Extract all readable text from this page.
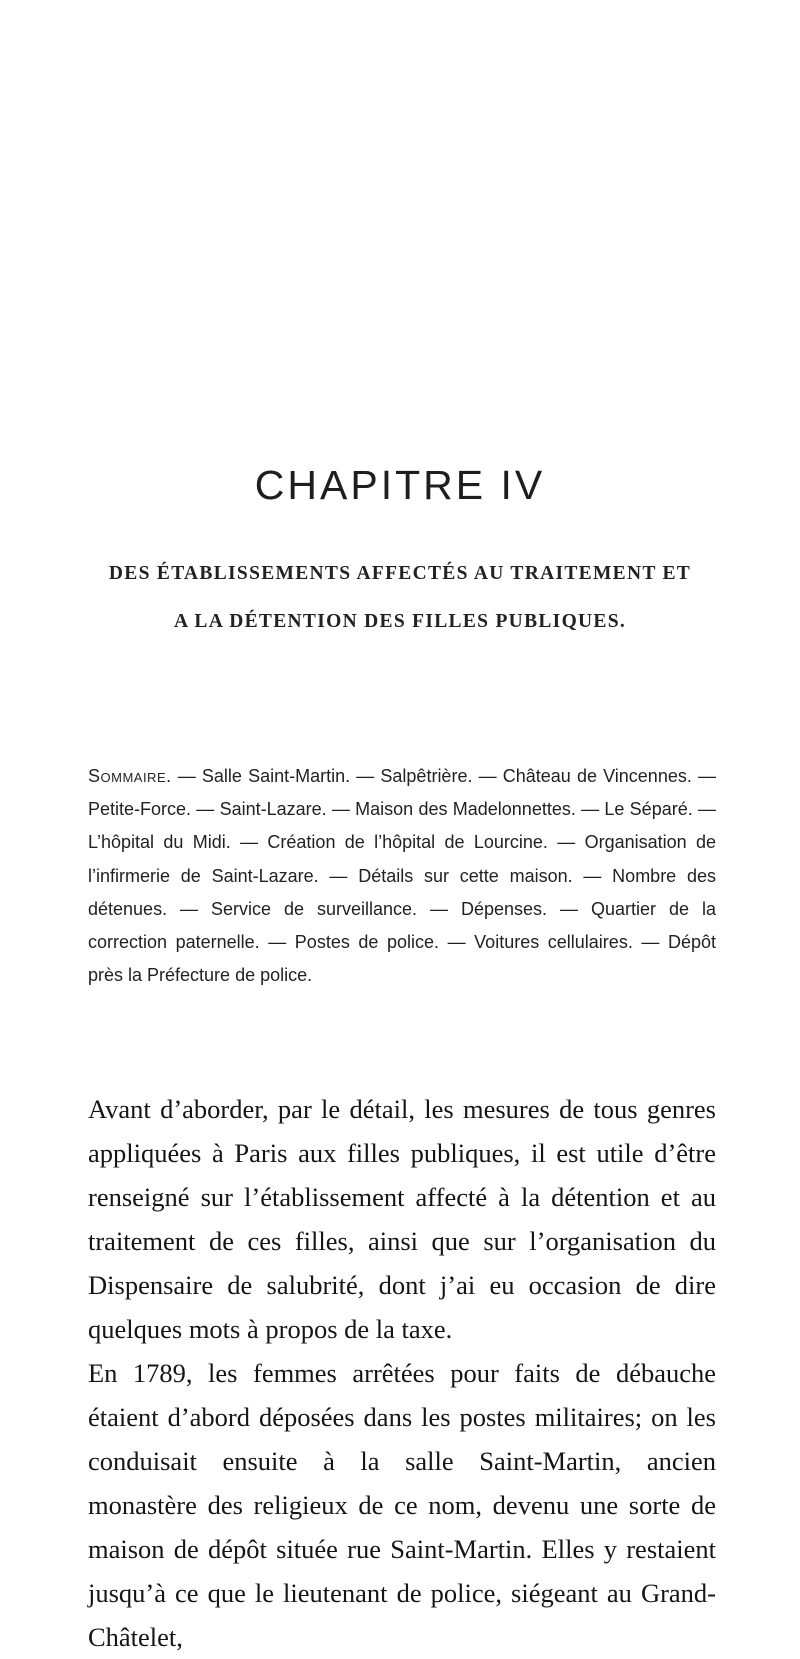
CHAPITRE IV
DES ÉTABLISSEMENTS AFFECTÉS AU TRAITEMENT ET A LA DÉTENTION DES FILLES PUBLIQUES.

Sommaire. — Salle Saint-Martin. — Salpêtrière. — Château de Vincennes. — Petite-Force. — Saint-Lazare. — Maison des Madelonnettes. — Le Séparé. — L’hôpital du Midi. — Création de l’hôpital de Lourcine. — Organisation de l’infirmerie de Saint-Lazare. — Détails sur cette maison. — Nombre des détenues. — Service de surveillance. — Dépenses. — Quartier de la correction paternelle. — Postes de police. — Voitures cellulaires. — Dépôt près la Préfecture de police.

Avant d’aborder, par le détail, les mesures de tous genres appliquées à Paris aux filles publiques, il est utile d’être renseigné sur l’établissement affecté à la détention et au traitement de ces filles, ainsi que sur l’organisation du Dispensaire de salubrité, dont j’ai eu occasion de dire quelques mots à propos de la taxe.

En 1789, les femmes arrêtées pour faits de débauche étaient d’abord déposées dans les postes militaires; on les conduisait ensuite à la salle Saint-Martin, ancien monastère des religieux de ce nom, devenu une sorte de maison de dépôt située rue Saint-Martin. Elles y restaient jusqu’à ce que le lieutenant de police, siégeant au Grand-Châtelet,
